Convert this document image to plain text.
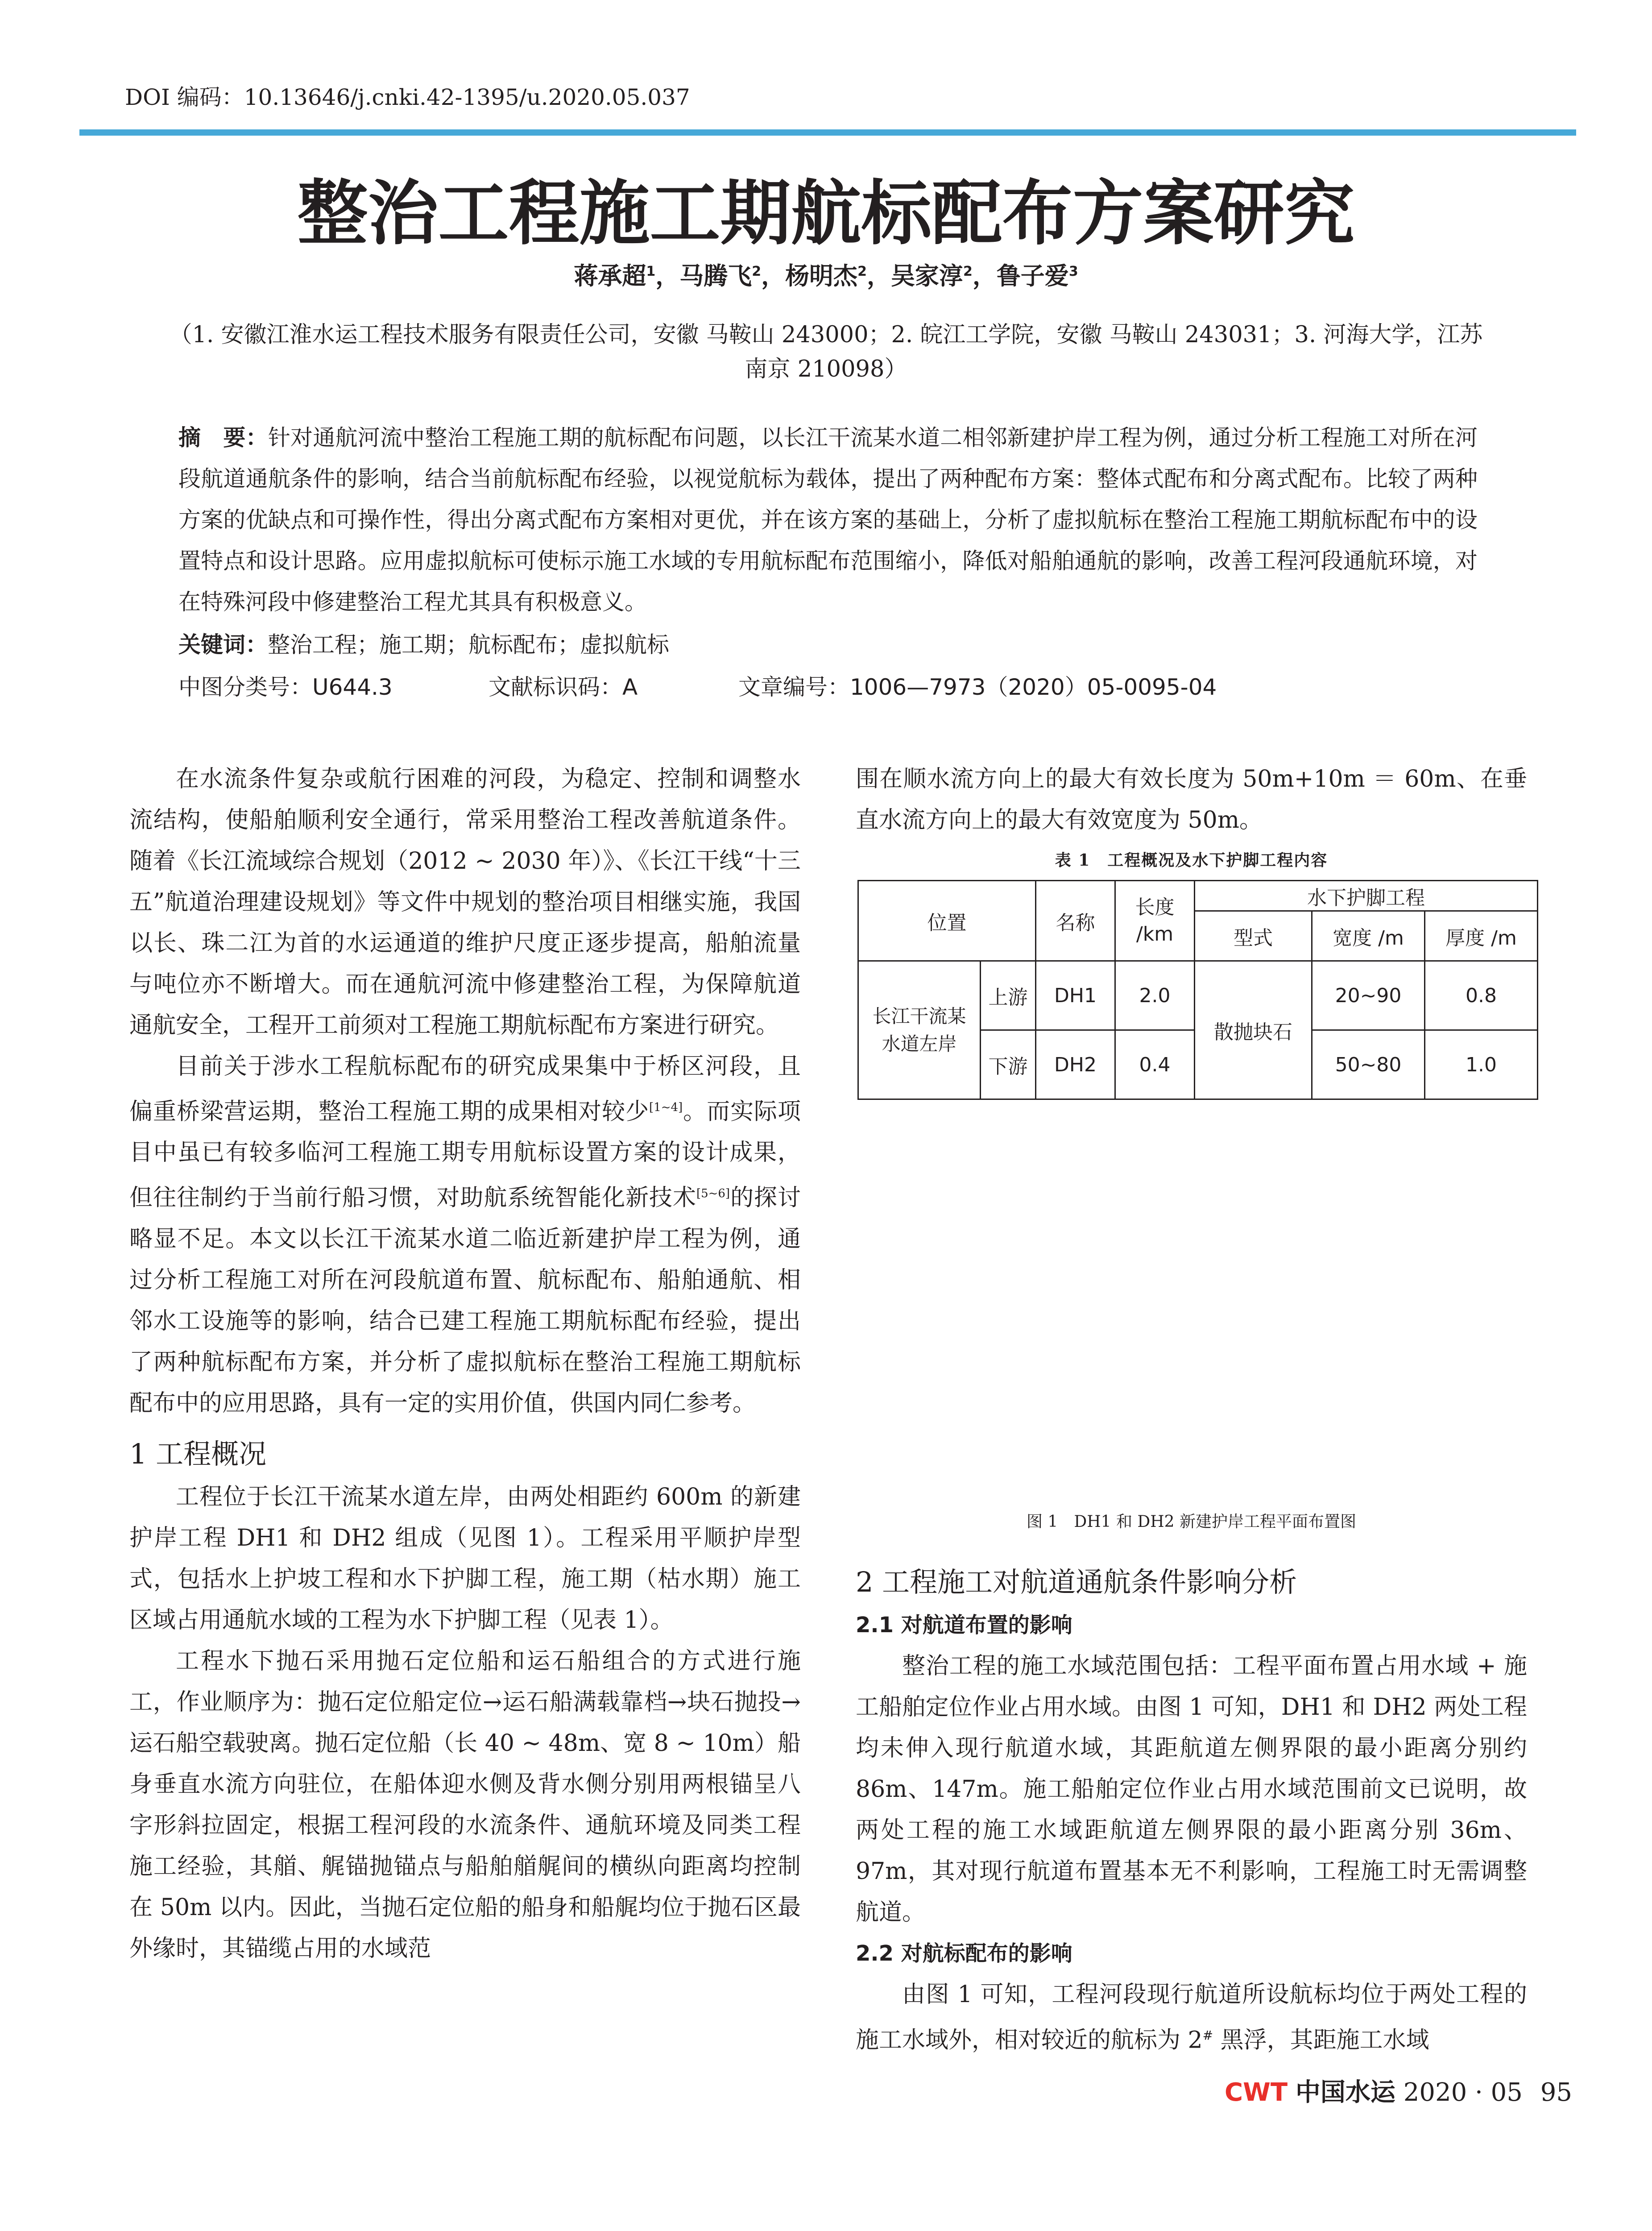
DOI 编码：10.13646/j.cnki.42-1395/u.2020.05.037
整治工程施工期航标配布方案研究
蒋承超$^1$，马腾飞$^2$，杨明杰$^2$，吴家淳$^2$，鲁子爱$^3$
（1. 安徽江淮水运工程技术服务有限责任公司，安徽 马鞍山 243000；2. 皖江工学院，安徽 马鞍山 243031；3. 河海大学，江苏
南京 210098）
摘　要：针对通航河流中整治工程施工期的航标配布问题，以长江干流某水道二相邻新建护岸工程为例，通过分析工程施工对所在河段航道通航条件的影响，结合当前航标配布经验，以视觉航标为载体，提出了两种配布方案：整体式配布和分离式配布。比较了两种方案的优缺点和可操作性，得出分离式配布方案相对更优，并在该方案的基础上，分析了虚拟航标在整治工程施工期航标配布中的设置特点和设计思路。应用虚拟航标可使标示施工水域的专用航标配布范围缩小，降低对船舶通航的影响，改善工程河段通航环境，对在特殊河段中修建整治工程尤其具有积极意义。
关键词：整治工程；施工期；航标配布；虚拟航标
中图分类号：U644.3	文献标识码：A	文章编号：1006—7973（2020）05-0095-04

在水流条件复杂或航行困难的河段，为稳定、控制和调整水流结构，使船舶顺利安全通行，常采用整治工程改善航道条件。随着《长江流域综合规划（2012 ~ 2030 年）》、《长江干线“十三五”航道治理建设规划》等文件中规划的整治项目相继实施，我国以长、珠二江为首的水运通道的维护尺度正逐步提高，船舶流量与吨位亦不断增大。而在通航河流中修建整治工程，为保障航道通航安全，工程开工前须对工程施工期航标配布方案进行研究。

目前关于涉水工程航标配布的研究成果集中于桥区河段，且偏重桥梁营运期，整治工程施工期的成果相对较少[1~4]。而实际项目中虽已有较多临河工程施工期专用航标设置方案的设计成果，但往往制约于当前行船习惯，对助航系统智能化新技术[5~6]的探讨略显不足。本文以长江干流某水道二临近新建护岸工程为例，通过分析工程施工对所在河段航道布置、航标配布、船舶通航、相邻水工设施等的影响，结合已建工程施工期航标配布经验，提出了两种航标配布方案，并分析了虚拟航标在整治工程施工期航标配布中的应用思路，具有一定的实用价值，供国内同仁参考。

1 工程概况

工程位于长江干流某水道左岸，由两处相距约 600m 的新建护岸工程 DH1 和 DH2 组成（见图 1）。工程采用平顺护岸型式，包括水上护坡工程和水下护脚工程，施工期（枯水期）施工区域占用通航水域的工程为水下护脚工程（见表 1）。

工程水下抛石采用抛石定位船和运石船组合的方式进行施工，作业顺序为：抛石定位船定位→运石船满载靠档→块石抛投→运石船空载驶离。抛石定位船（长 40 ~ 48m、宽 8 ~ 10m）船身垂直水流方向驻位，在船体迎水侧及背水侧分别用两根锚呈八字形斜拉固定，根据工程河段的水流条件、通航环境及同类工程施工经验，其艏、艉锚抛锚点与船舶艏艉间的横纵向距离均控制在 50m 以内。因此，当抛石定位船的船身和船艉均位于抛石区最外缘时，其锚缆占用的水域范

围在顺水流方向上的最大有效长度为 50m+10m ＝ 60m、在垂直水流方向上的最大有效宽度为 50m。

表 1　工程概况及水下护脚工程内容
位置		名称	长度 /km	水下护脚工程		
				型式	宽度 /m	厚度 /m
长江干流某水道左岸	上游	DH1	2.0	散抛块石	20~90	0.8
	下游	DH2	0.4		50~80	1.0
图 1　DH1 和 DH2 新建护岸工程平面布置图

2 工程施工对航道通航条件影响分析

2.1 对航道布置的影响

整治工程的施工水域范围包括：工程平面布置占用水域 + 施工船舶定位作业占用水域。由图 1 可知，DH1 和 DH2 两处工程均未伸入现行航道水域，其距航道左侧界限的最小距离分别约 86m、147m。施工船舶定位作业占用水域范围前文已说明，故两处工程的施工水域距航道左侧界限的最小距离分别 36m、97m，其对现行航道布置基本无不利影响，工程施工时无需调整航道。

2.2 对航标配布的影响

由图 1 可知，工程河段现行航道所设航标均位于两处工程的施工水域外，相对较近的航标为 2# 黑浮，其距施工水域

CWT 中国水运 2020 · 05 95
